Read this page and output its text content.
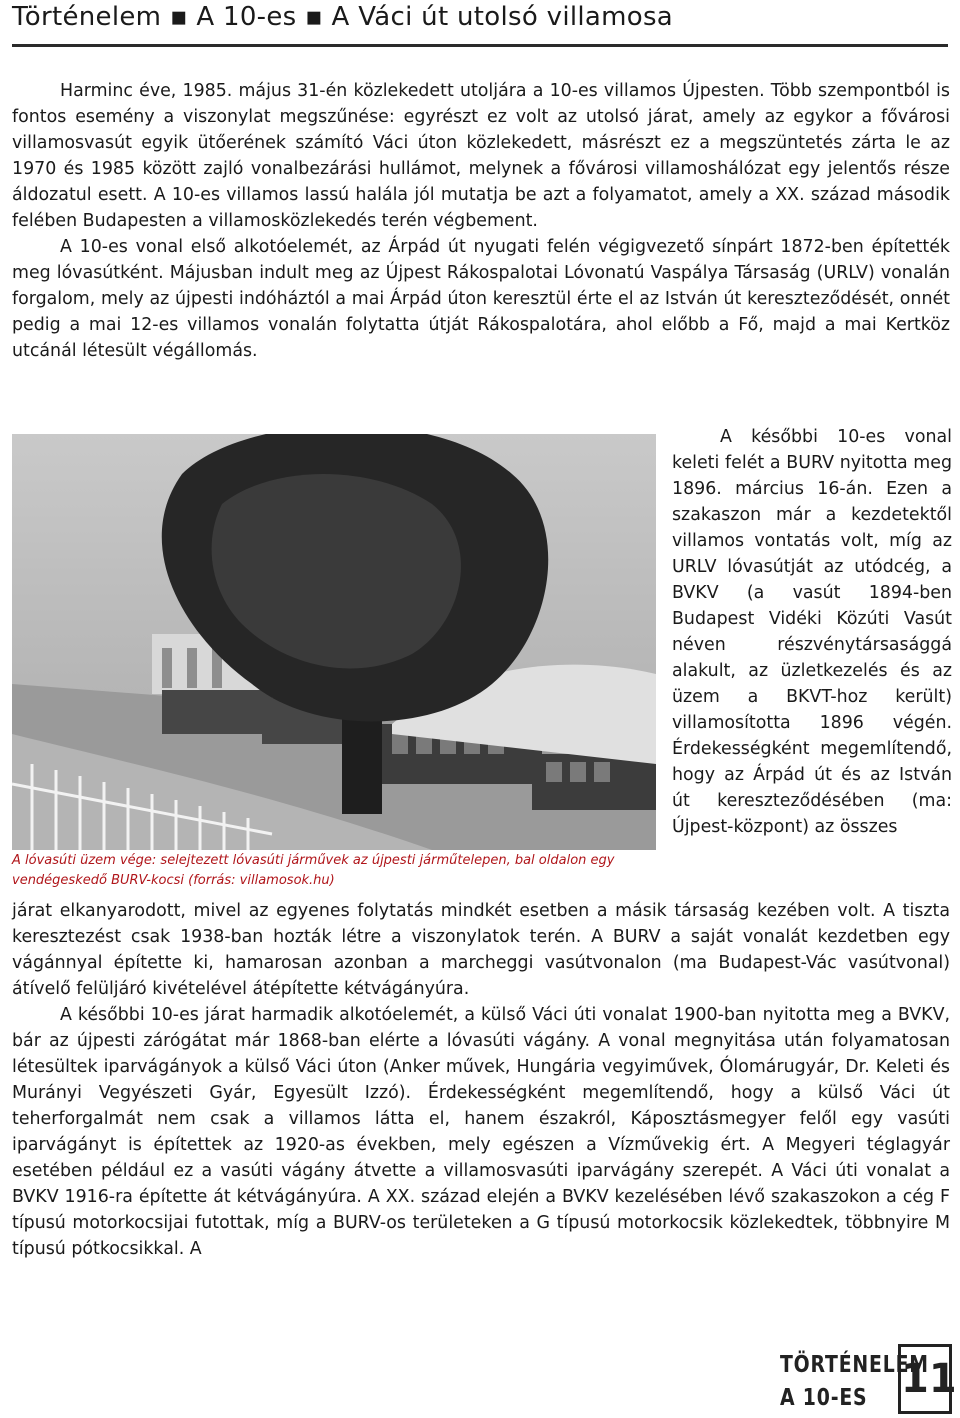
Történelem ▪ A 10-es ▪ A Váci út utolsó villamosa

Harminc éve, 1985. május 31-én közlekedett utoljára a 10-es villamos Újpesten. Több szempontból is fontos esemény a viszonylat megszűnése: egyrészt ez volt az utolsó járat, amely az egykor a fővárosi villamosvasút egyik ütőerének számító Váci úton közlekedett, másrészt ez a megszüntetés zárta le az 1970 és 1985 között zajló vonalbezárási hullámot, melynek a fővárosi villamoshálózat egy jelentős része áldozatul esett. A 10-es villamos lassú halála jól mutatja be azt a folyamatot, amely a XX. század második felében Budapesten a villamosközlekedés terén végbement.

A 10-es vonal első alkotóelemét, az Árpád út nyugati felén végigvezető sínpárt 1872-ben építették meg lóvasútként. Májusban indult meg az Újpest Rákospalotai Lóvonatú Vaspálya Társaság (URLV) vonalán forgalom, mely az újpesti indóháztól a mai Árpád úton keresztül érte el az István út kereszteződését, onnét pedig a mai 12-es villamos vonalán folytatta útját Rákospalotára, ahol előbb a Fő, majd a mai Kertköz utcánál létesült végállomás.

A lóvasúti üzem vége: selejtezett lóvasúti járművek az újpesti járműtelepen, bal oldalon egy vendégeskedő BURV-kocsi (forrás: villamosok.hu)

A későbbi 10-es vonal keleti felét a BURV nyitotta meg 1896. március 16-án. Ezen a szakaszon már a kezdetektől villamos vontatás volt, míg az URLV lóvasútját az utódcég, a BVKV (a vasút 1894-ben Budapest Vidéki Közúti Vasút néven részvénytársasággá alakult, az üzletkezelés és az üzem a BKVT-hoz került) villamosította 1896 végén. Érdekességként megemlítendő, hogy az Árpád út és az István út kereszteződésében (ma: Újpest-központ) az összes

járat elkanyarodott, mivel az egyenes folytatás mindkét esetben a másik társaság kezében volt. A tiszta keresztezést csak 1938-ban hozták létre a viszonylatok terén. A BURV a saját vonalát kezdetben egy vágánnyal építette ki, hamarosan azonban a marcheggi vasútvonalon (ma Budapest-Vác vasútvonal) átívelő felüljáró kivételével átépítette kétvágányúra.

A későbbi 10-es járat harmadik alkotóelemét, a külső Váci úti vonalat 1900-ban nyitotta meg a BVKV, bár az újpesti zárógátat már 1868-ban elérte a lóvasúti vágány. A vonal megnyitása után folyamatosan létesültek iparvágányok a külső Váci úton (Anker művek, Hungária vegyiművek, Ólomárugyár, Dr. Keleti és Murányi Vegyészeti Gyár, Egyesült Izzó). Érdekességként megemlítendő, hogy a külső Váci út teherforgalmát nem csak a villamos látta el, hanem északról, Káposztásmegyer felől egy vasúti iparvágányt is építettek az 1920-as években, mely egészen a Vízművekig ért. A Megyeri téglagyár esetében például ez a vasúti vágány átvette a villamosvasúti iparvágány szerepét. A Váci úti vonalat a BVKV 1916-ra építette át kétvágányúra. A XX. század elején a BVKV kezelésében lévő szakaszokon a cég F típusú motorkocsijai futottak, míg a BURV-os területeken a G típusú motorkocsik közlekedtek, többnyire M típusú pótkocsikkal. A

TÖRTÉNELEM
A 10-ES 11
